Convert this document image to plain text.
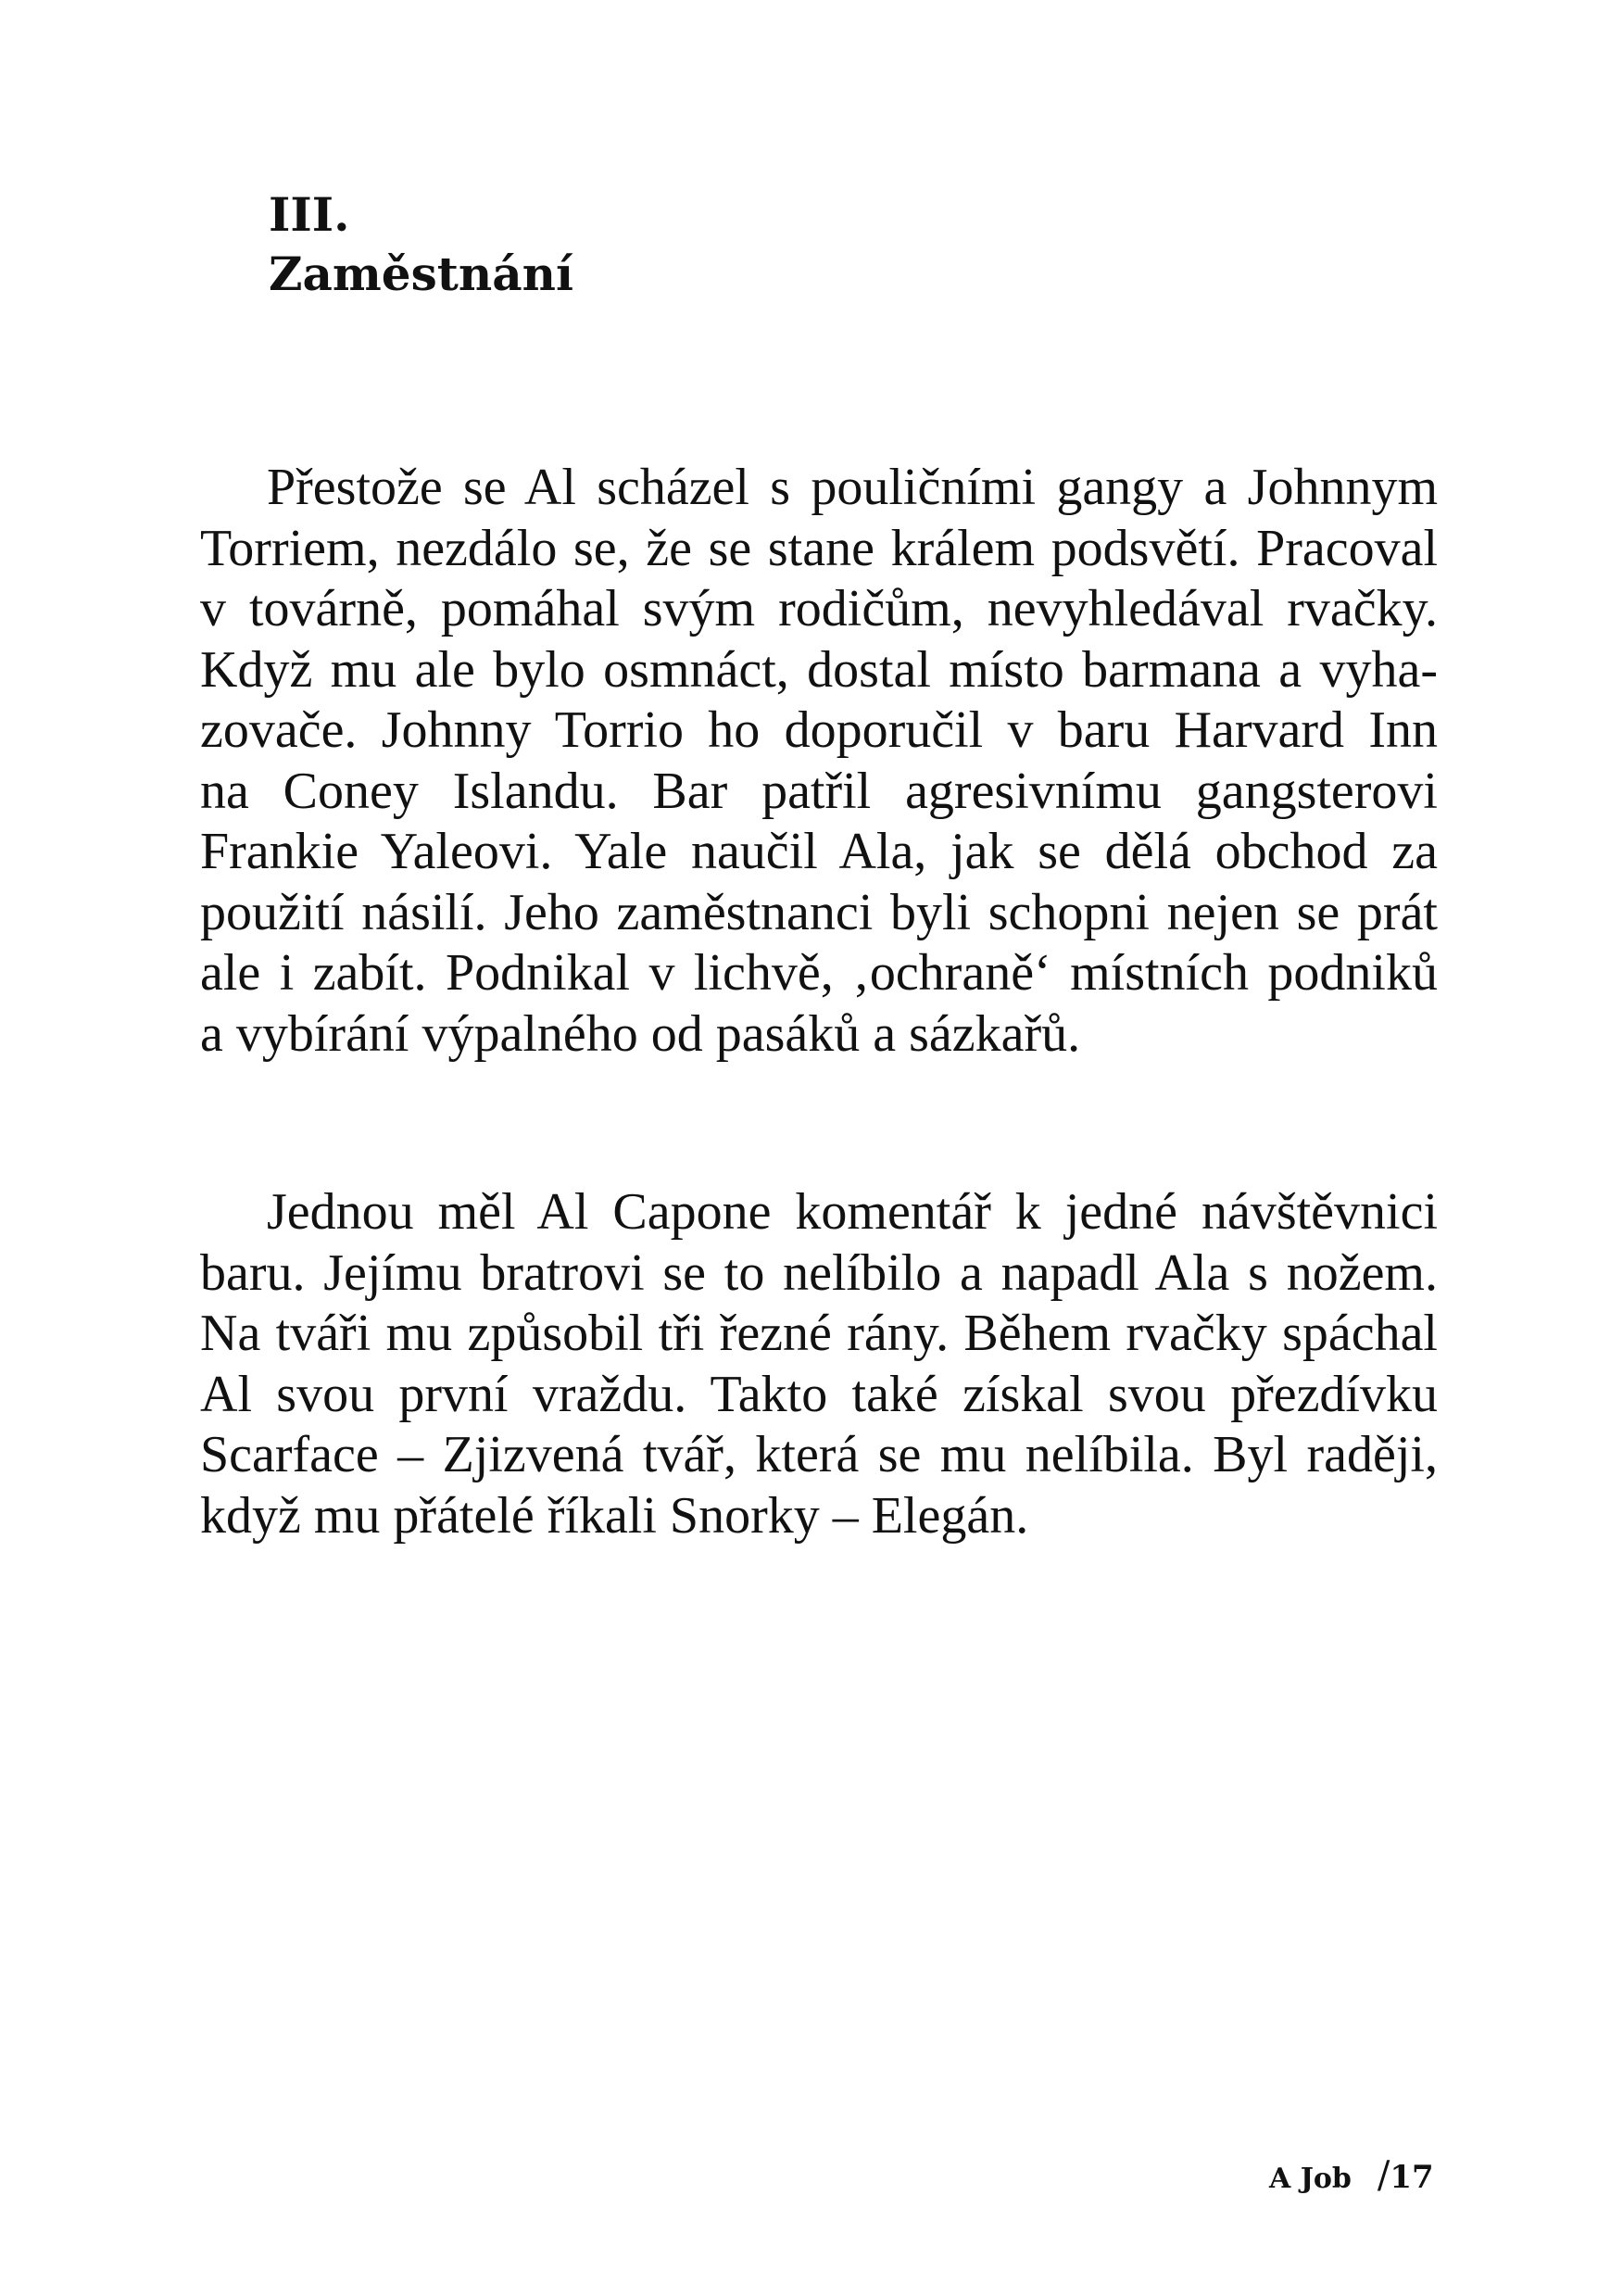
III.
Zaměstnání

Přestože se Al scházel s pouličními gangy a Johnnym
Torriem, nezdálo se, že se stane králem podsvětí. Pracoval
v továrně, pomáhal svým rodičům, nevyhledával rvačky.
Když mu ale bylo osmnáct, dostal místo barmana a vyha-
zovače. Johnny Torrio ho doporučil v baru Harvard Inn
na Coney Islandu. Bar patřil agresivnímu gangsterovi
Frankie Yaleovi. Yale naučil Ala, jak se dělá obchod za
použití násilí. Jeho zaměstnanci byli schopni nejen se prát
ale i zabít. Podnikal v lichvě, ‚ochraně‘ místních podniků
a vybírání výpalného od pasáků a sázkařů.

Jednou měl Al Capone komentář k jedné návštěvnici
baru. Jejímu bratrovi se to nelíbilo a napadl Ala s nožem.
Na tváři mu způsobil tři řezné rány. Během rvačky spáchal
Al svou první vraždu. Takto také získal svou přezdívku
Scarface – Zjizvená tvář, která se mu nelíbila. Byl raději,
když mu přátelé říkali Snorky – Elegán.

A Job /17
